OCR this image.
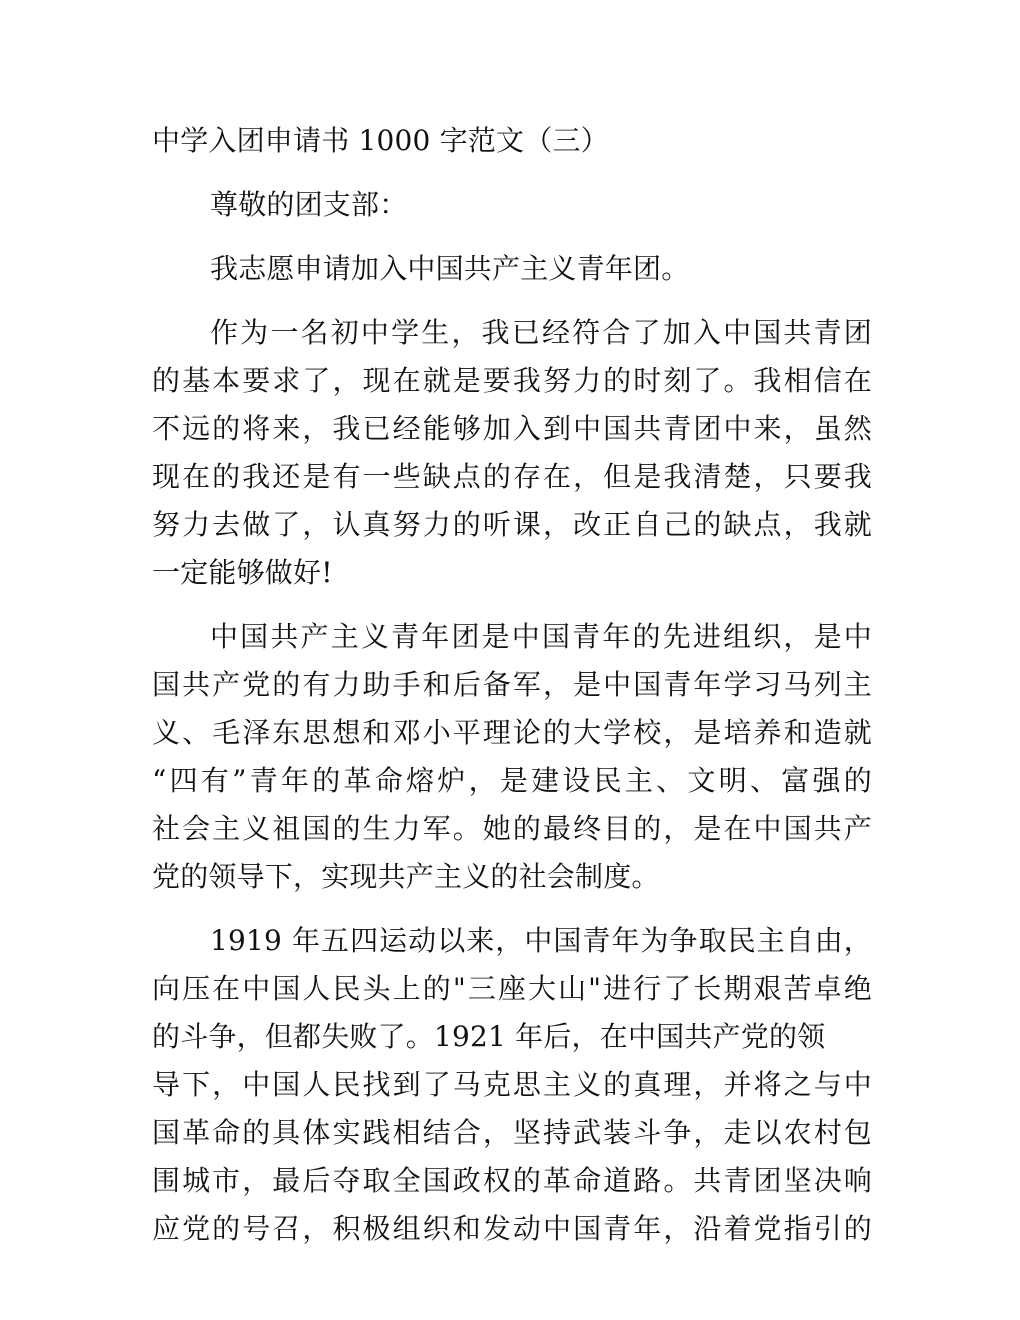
中学入团申请书 1000 字范文（三）
尊敬的团支部：
我志愿申请加入中国共产主义青年团。
作为一名初中学生，我已经符合了加入中国共青团
的基本要求了，现在就是要我努力的时刻了。我相信在
不远的将来，我已经能够加入到中国共青团中来，虽然
现在的我还是有一些缺点的存在，但是我清楚，只要我
努力去做了，认真努力的听课，改正自己的缺点，我就
一定能够做好!
中国共产主义青年团是中国青年的先进组织，是中
国共产党的有力助手和后备军，是中国青年学习马列主
义、毛泽东思想和邓小平理论的大学校，是培养和造就
“四有”青年的革命熔炉，是建设民主、文明、富强的
社会主义祖国的生力军。她的最终目的，是在中国共产
党的领导下，实现共产主义的社会制度。
1919 年五四运动以来，中国青年为争取民主自由，
向压在中国人民头上的"三座大山"进行了长期艰苦卓绝
的斗争，但都失败了。1921 年后，在中国共产党的领
导下，中国人民找到了马克思主义的真理，并将之与中
国革命的具体实践相结合，坚持武装斗争，走以农村包
围城市，最后夺取全国政权的革命道路。共青团坚决响
应党的号召，积极组织和发动中国青年，沿着党指引的
